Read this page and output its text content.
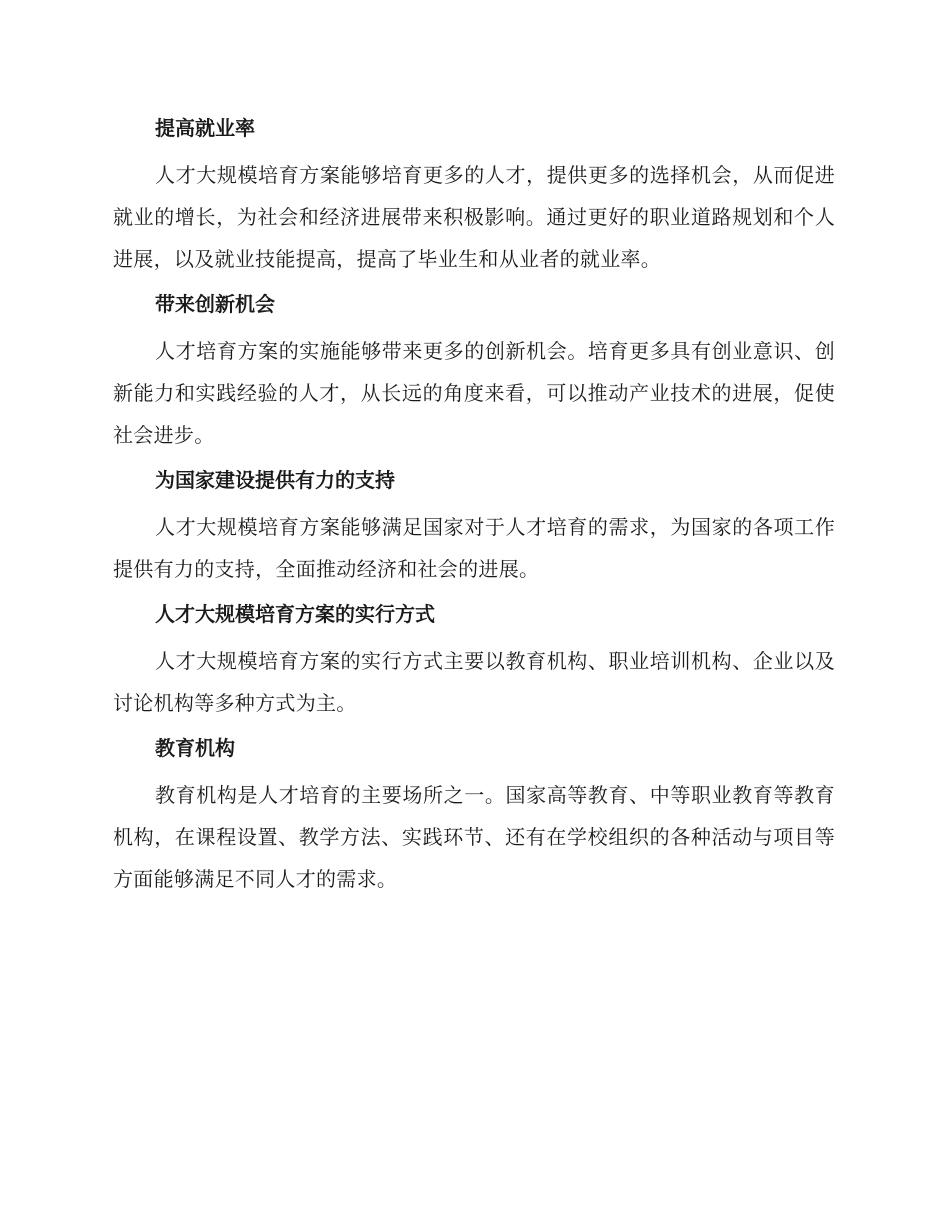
提高就业率

人才大规模培育方案能够培育更多的人才，提供更多的选择机会，从而促进就业的增长，为社会和经济进展带来积极影响。通过更好的职业道路规划和个人进展，以及就业技能提高，提高了毕业生和从业者的就业率。

带来创新机会

人才培育方案的实施能够带来更多的创新机会。培育更多具有创业意识、创新能力和实践经验的人才，从长远的角度来看，可以推动产业技术的进展，促使社会进步。

为国家建设提供有力的支持

人才大规模培育方案能够满足国家对于人才培育的需求，为国家的各项工作提供有力的支持，全面推动经济和社会的进展。

人才大规模培育方案的实行方式

人才大规模培育方案的实行方式主要以教育机构、职业培训机构、企业以及讨论机构等多种方式为主。

教育机构

教育机构是人才培育的主要场所之一。国家高等教育、中等职业教育等教育机构，在课程设置、教学方法、实践环节、还有在学校组织的各种活动与项目等方面能够满足不同人才的需求。
